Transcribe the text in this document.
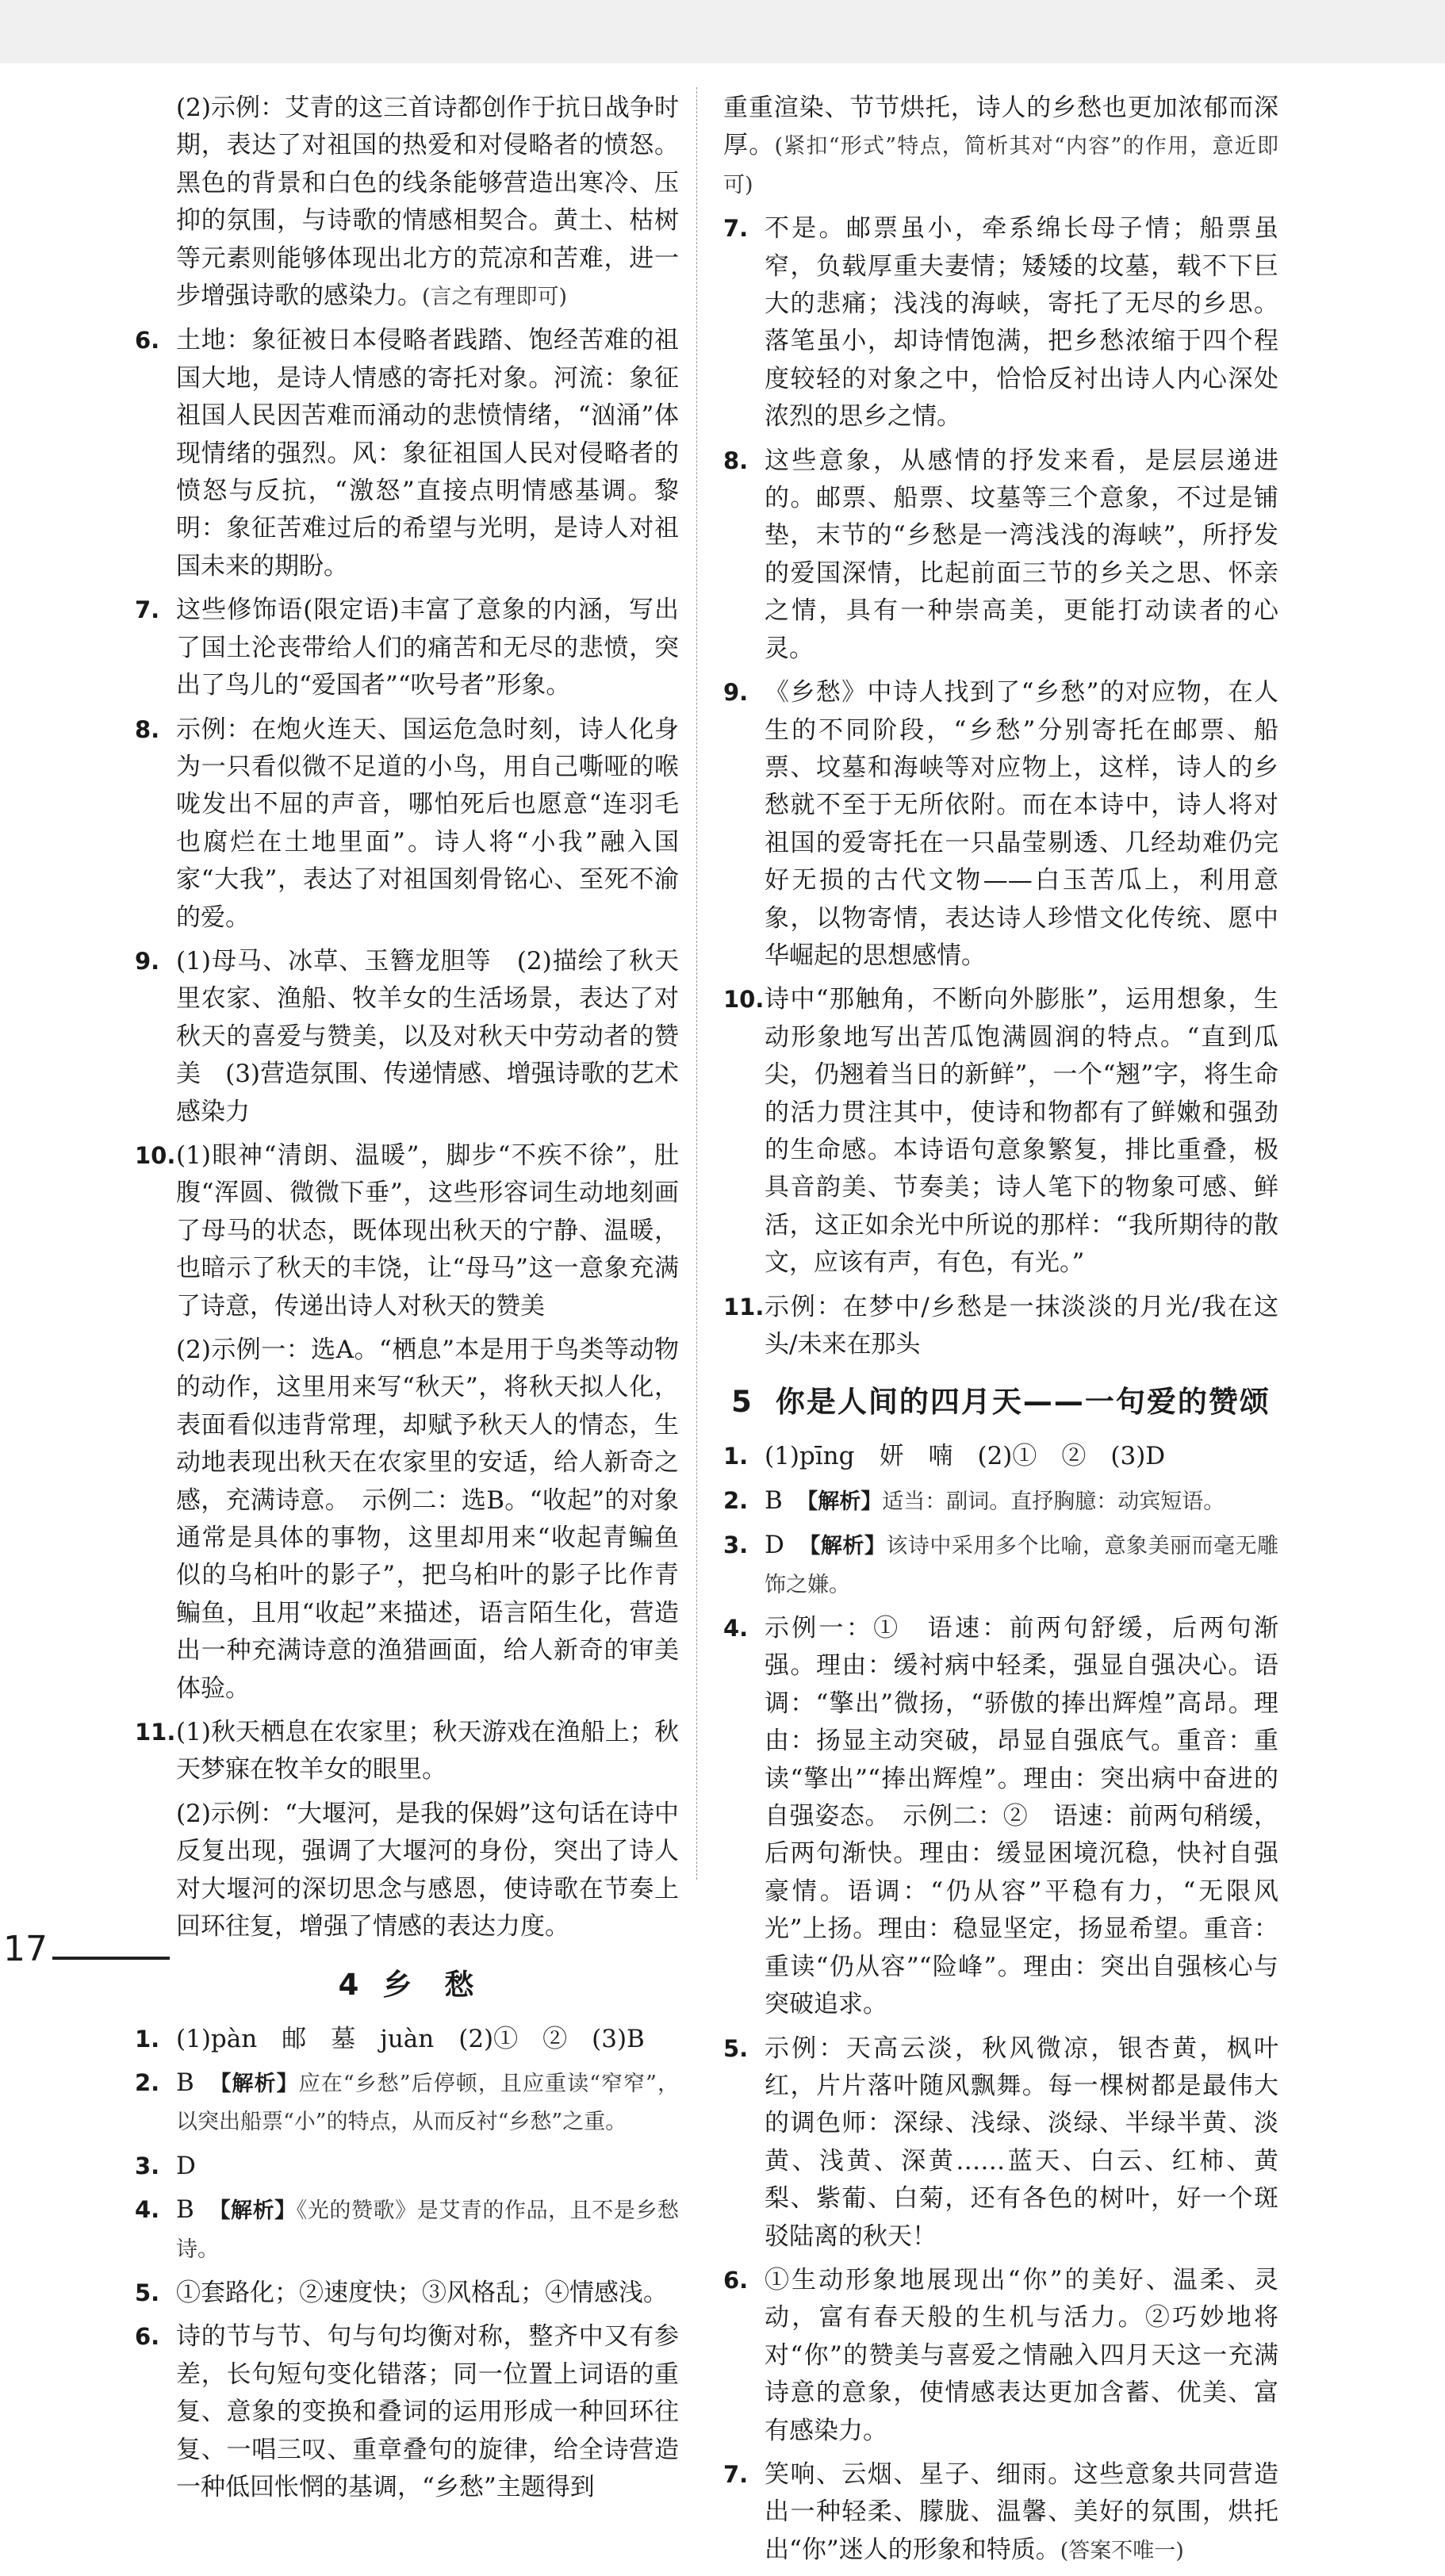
(2)示例：艾青的这三首诗都创作于抗日战争时期，表达了对祖国的热爱和对侵略者的愤怒。黑色的背景和白色的线条能够营造出寒冷、压抑的氛围，与诗歌的情感相契合。黄土、枯树等元素则能够体现出北方的荒凉和苦难，进一步增强诗歌的感染力。(言之有理即可)

6. 土地：象征被日本侵略者践踏、饱经苦难的祖国大地，是诗人情感的寄托对象。河流：象征祖国人民因苦难而涌动的悲愤情绪，“汹涌”体现情绪的强烈。风：象征祖国人民对侵略者的愤怒与反抗，“激怒”直接点明情感基调。黎明：象征苦难过后的希望与光明，是诗人对祖国未来的期盼。

7. 这些修饰语(限定语)丰富了意象的内涵，写出了国土沦丧带给人们的痛苦和无尽的悲愤，突出了鸟儿的“爱国者”“吹号者”形象。

8. 示例：在炮火连天、国运危急时刻，诗人化身为一只看似微不足道的小鸟，用自己嘶哑的喉咙发出不屈的声音，哪怕死后也愿意“连羽毛也腐烂在土地里面”。诗人将“小我”融入国家“大我”，表达了对祖国刻骨铭心、至死不渝的爱。

9. (1)母马、冰草、玉簪龙胆等　(2)描绘了秋天里农家、渔船、牧羊女的生活场景，表达了对秋天的喜爱与赞美，以及对秋天中劳动者的赞美　(3)营造氛围、传递情感、增强诗歌的艺术感染力

10. (1)眼神“清朗、温暖”，脚步“不疾不徐”，肚腹“浑圆、微微下垂”，这些形容词生动地刻画了母马的状态，既体现出秋天的宁静、温暖，也暗示了秋天的丰饶，让“母马”这一意象充满了诗意，传递出诗人对秋天的赞美

(2)示例一：选A。“栖息”本是用于鸟类等动物的动作，这里用来写“秋天”，将秋天拟人化，表面看似违背常理，却赋予秋天人的情态，生动地表现出秋天在农家里的安适，给人新奇之感，充满诗意。　示例二：选B。“收起”的对象通常是具体的事物，这里却用来“收起青鳊鱼似的乌桕叶的影子”，把乌桕叶的影子比作青鳊鱼，且用“收起”来描述，语言陌生化，营造出一种充满诗意的渔猎画面，给人新奇的审美体验。

11. (1)秋天栖息在农家里；秋天游戏在渔船上；秋天梦寐在牧羊女的眼里。

(2)示例：“大堰河，是我的保姆”这句话在诗中反复出现，强调了大堰河的身份，突出了诗人对大堰河的深切思念与感恩，使诗歌在节奏上回环往复，增强了情感的表达力度。

4 乡　愁
1. (1)pàn　邮　墓　juàn　(2)①　②　(3)B

2. B　【解析】应在“乡愁”后停顿，且应重读“窄窄”，以突出船票“小”的特点，从而反衬“乡愁”之重。

3. D

4. B　【解析】《光的赞歌》是艾青的作品，且不是乡愁诗。

5. ①套路化；②速度快；③风格乱；④情感浅。

6. 诗的节与节、句与句均衡对称，整齐中又有参差，长句短句变化错落；同一位置上词语的重复、意象的变换和叠词的运用形成一种回环往复、一唱三叹、重章叠句的旋律，给全诗营造一种低回怅惘的基调，“乡愁”主题得到

重重渲染、节节烘托，诗人的乡愁也更加浓郁而深厚。(紧扣“形式”特点，简析其对“内容”的作用，意近即可)

7. 不是。邮票虽小，牵系绵长母子情；船票虽窄，负载厚重夫妻情；矮矮的坟墓，载不下巨大的悲痛；浅浅的海峡，寄托了无尽的乡思。落笔虽小，却诗情饱满，把乡愁浓缩于四个程度较轻的对象之中，恰恰反衬出诗人内心深处浓烈的思乡之情。

8. 这些意象，从感情的抒发来看，是层层递进的。邮票、船票、坟墓等三个意象，不过是铺垫，末节的“乡愁是一湾浅浅的海峡”，所抒发的爱国深情，比起前面三节的乡关之思、怀亲之情，具有一种崇高美，更能打动读者的心灵。

9. 《乡愁》中诗人找到了“乡愁”的对应物，在人生的不同阶段，“乡愁”分别寄托在邮票、船票、坟墓和海峡等对应物上，这样，诗人的乡愁就不至于无所依附。而在本诗中，诗人将对祖国的爱寄托在一只晶莹剔透、几经劫难仍完好无损的古代文物——白玉苦瓜上，利用意象，以物寄情，表达诗人珍惜文化传统、愿中华崛起的思想感情。

10. 诗中“那触角，不断向外膨胀”，运用想象，生动形象地写出苦瓜饱满圆润的特点。“直到瓜尖，仍翘着当日的新鲜”，一个“翘”字，将生命的活力贯注其中，使诗和物都有了鲜嫩和强劲的生命感。本诗语句意象繁复，排比重叠，极具音韵美、节奏美；诗人笔下的物象可感、鲜活，这正如余光中所说的那样：“我所期待的散文，应该有声，有色，有光。”

11. 示例：在梦中/乡愁是一抹淡淡的月光/我在这头/未来在那头

5 你是人间的四月天——一句爱的赞颂
1. (1)pīng　妍　喃　(2)①　②　(3)D

2. B　【解析】适当：副词。直抒胸臆：动宾短语。

3. D　【解析】该诗中采用多个比喻，意象美丽而毫无雕饰之嫌。

4. 示例一：①　语速：前两句舒缓，后两句渐强。理由：缓衬病中轻柔，强显自强决心。语调：“擎出”微扬，“骄傲的捧出辉煌”高昂。理由：扬显主动突破，昂显自强底气。重音：重读“擎出”“捧出辉煌”。理由：突出病中奋进的自强姿态。　示例二：②　语速：前两句稍缓，后两句渐快。理由：缓显困境沉稳，快衬自强豪情。语调：“仍从容”平稳有力，“无限风光”上扬。理由：稳显坚定，扬显希望。重音：重读“仍从容”“险峰”。理由：突出自强核心与突破追求。

5. 示例：天高云淡，秋风微凉，银杏黄，枫叶红，片片落叶随风飘舞。每一棵树都是最伟大的调色师：深绿、浅绿、淡绿、半绿半黄、淡黄、浅黄、深黄……蓝天、白云、红柿、黄梨、紫葡、白菊，还有各色的树叶，好一个斑驳陆离的秋天！

6. ①生动形象地展现出“你”的美好、温柔、灵动，富有春天般的生机与活力。②巧妙地将对“你”的赞美与喜爱之情融入四月天这一充满诗意的意象，使情感表达更加含蓄、优美、富有感染力。

7. 笑响、云烟、星子、细雨。这些意象共同营造出一种轻柔、朦胧、温馨、美好的氛围，烘托出“你”迷人的形象和特质。(答案不唯一)

17
